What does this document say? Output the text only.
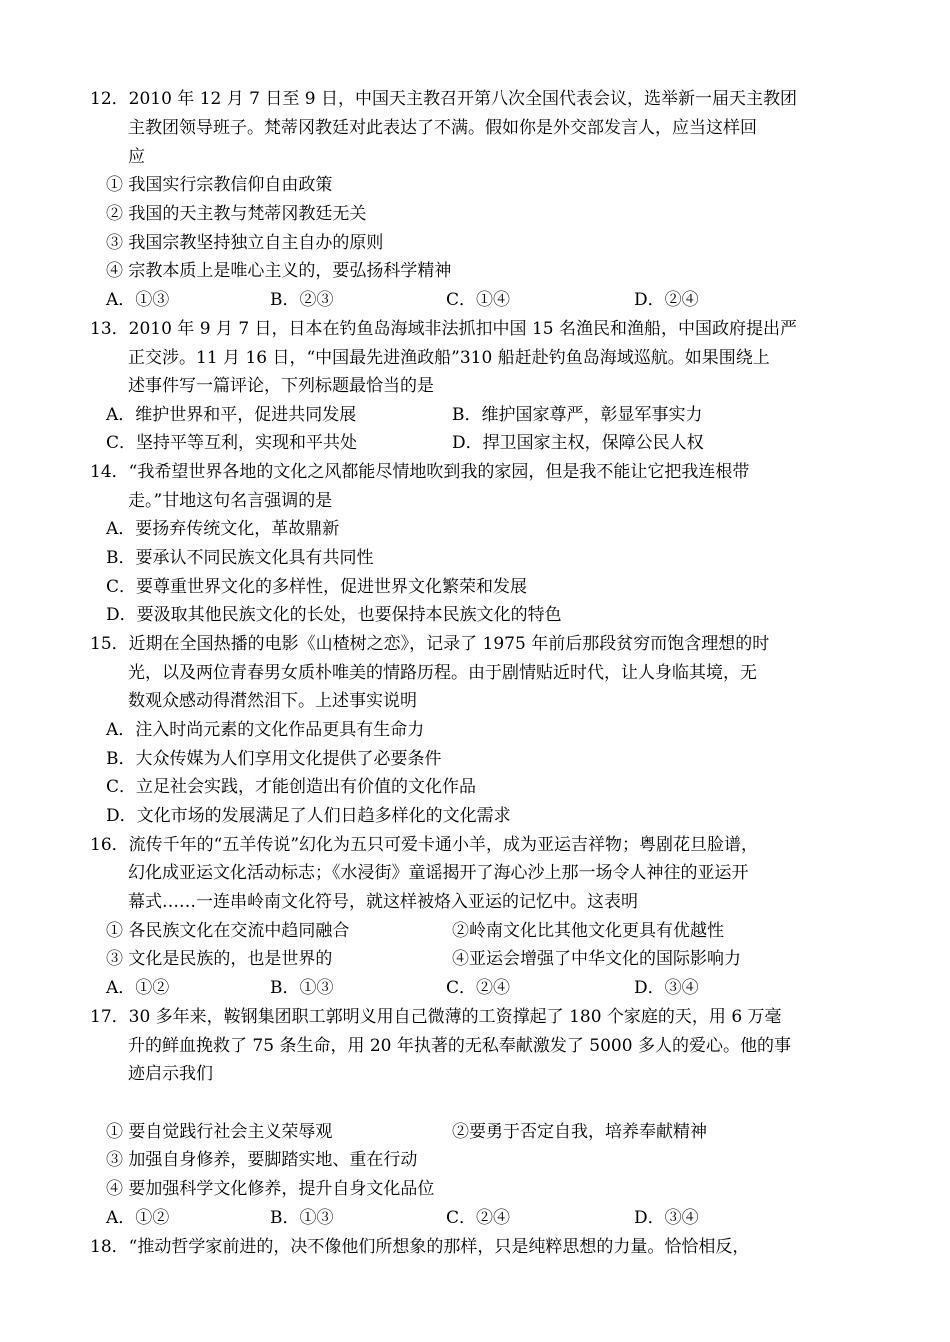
12．2010 年 12 月 7 日至 9 日，中国天主教召开第八次全国代表会议，选举新一届天主教团
主教团领导班子。梵蒂冈教廷对此表达了不满。假如你是外交部发言人，应当这样回
应
① 我国实行宗教信仰自由政策
② 我国的天主教与梵蒂冈教廷无关
③ 我国宗教坚持独立自主自办的原则
④ 宗教本质上是唯心主义的，要弘扬科学精神
A．①③	B．②③	C．①④	D．②④
13．2010 年 9 月 7 日，日本在钓鱼岛海域非法抓扣中国 15 名渔民和渔船，中国政府提出严
正交涉。11 月 16 日，“中国最先进渔政船”310 船赶赴钓鱼岛海域巡航。如果围绕上
述事件写一篇评论，下列标题最恰当的是
A．维护世界和平，促进共同发展	B．维护国家尊严，彰显军事实力
C．坚持平等互利，实现和平共处	D．捍卫国家主权，保障公民人权
14．“我希望世界各地的文化之风都能尽情地吹到我的家园，但是我不能让它把我连根带
走。”甘地这句名言强调的是
A．要扬弃传统文化，革故鼎新
B．要承认不同民族文化具有共同性
C．要尊重世界文化的多样性，促进世界文化繁荣和发展
D．要汲取其他民族文化的长处，也要保持本民族文化的特色
15．近期在全国热播的电影《山楂树之恋》，记录了 1975 年前后那段贫穷而饱含理想的时
光，以及两位青春男女质朴唯美的情路历程。由于剧情贴近时代，让人身临其境，无
数观众感动得潸然泪下。上述事实说明
A．注入时尚元素的文化作品更具有生命力
B．大众传媒为人们享用文化提供了必要条件
C．立足社会实践，才能创造出有价值的文化作品
D．文化市场的发展满足了人们日趋多样化的文化需求
16．流传千年的“五羊传说”幻化为五只可爱卡通小羊，成为亚运吉祥物；粤剧花旦脸谱，
幻化成亚运文化活动标志；《水浸街》童谣揭开了海心沙上那一场令人神往的亚运开
幕式……一连串岭南文化符号，就这样被烙入亚运的记忆中。这表明
① 各民族文化在交流中趋同融合	②岭南文化比其他文化更具有优越性
③ 文化是民族的，也是世界的	④亚运会增强了中华文化的国际影响力
A．①②	B．①③	C．②④	D．③④
17．30 多年来，鞍钢集团职工郭明义用自己微薄的工资撑起了 180 个家庭的天，用 6 万毫
升的鲜血挽救了 75 条生命，用 20 年执著的无私奉献激发了 5000 多人的爱心。他的事
迹启示我们
① 要自觉践行社会主义荣辱观	②要勇于否定自我，培养奉献精神
③ 加强自身修养，要脚踏实地、重在行动
④ 要加强科学文化修养，提升自身文化品位
A．①②	B．①③	C．②④	D．③④
18．“推动哲学家前进的，决不像他们所想象的那样，只是纯粹思想的力量。恰恰相反，
